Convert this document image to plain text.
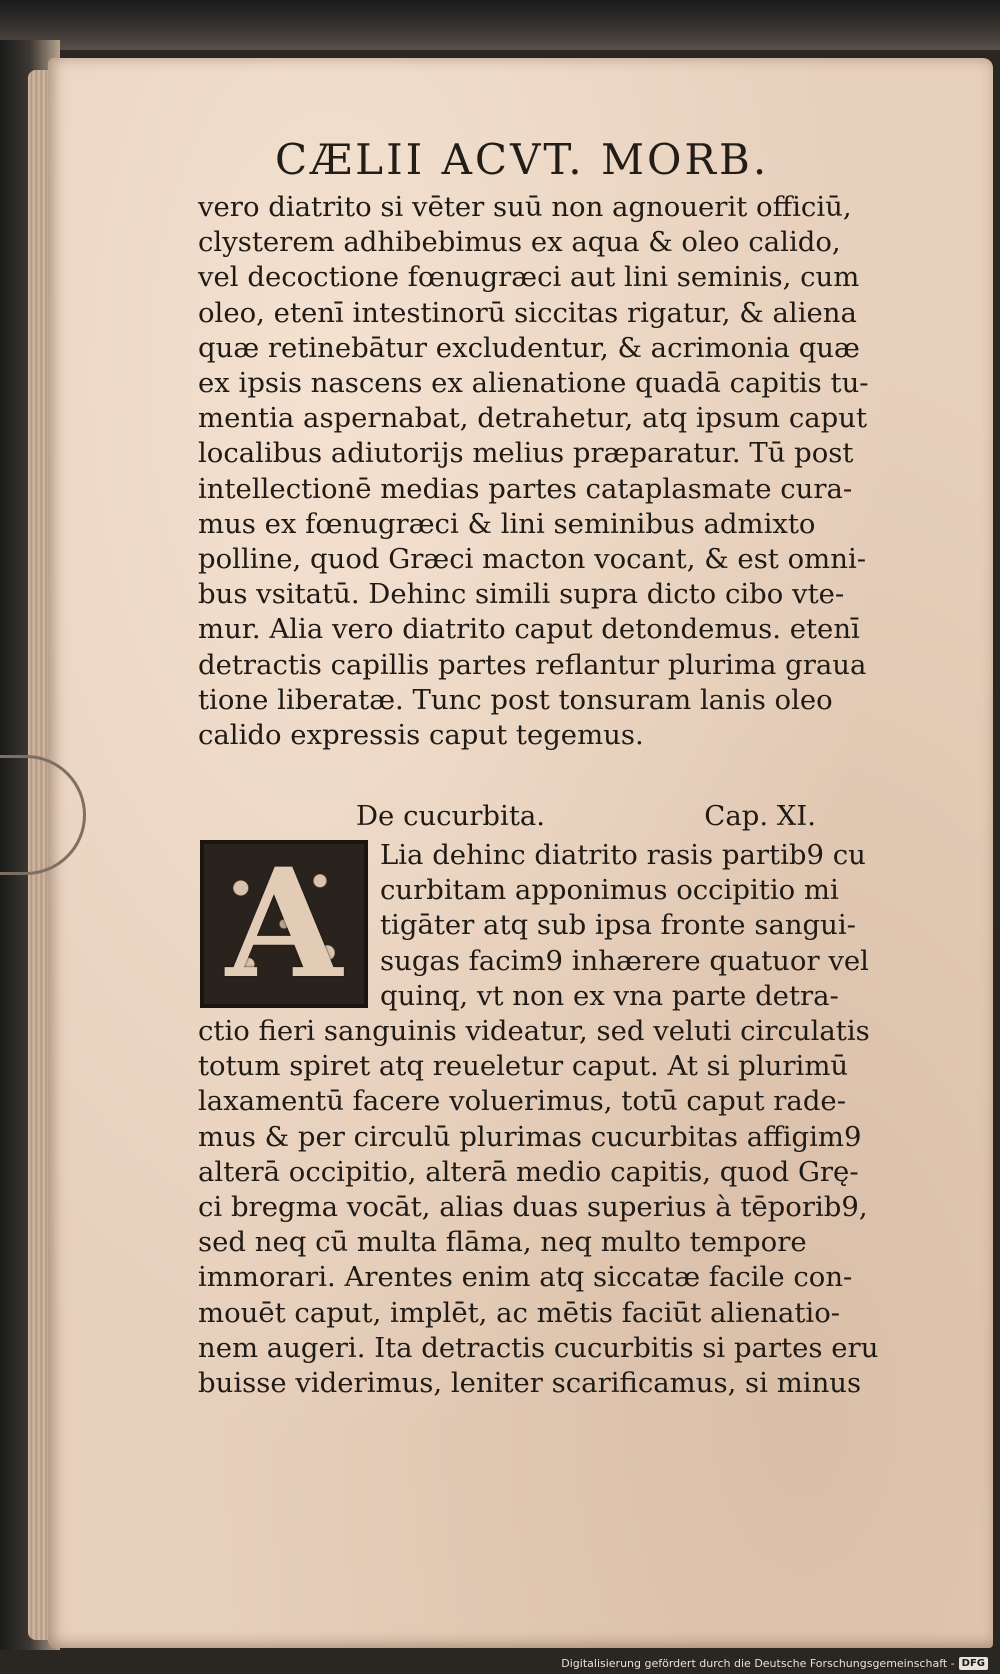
CÆLII ACVT. MORB.
vero diatrito si vēter suū non agnouerit officiū,
clysterem adhibebimus ex aqua & oleo calido,
vel decoctione fœnugræci aut lini seminis, cum
oleo, etenī intestinorū siccitas rigatur, & aliena
quæ retinebātur excludentur, & acrimonia quæ
ex ipsis nascens ex alienatione quadā capitis tu-
mentia aspernabat, detrahetur, atq ipsum caput
localibus adiutorijs melius præparatur. Tū post
intellectionē medias partes cataplasmate cura-
mus ex fœnugræci & lini seminibus admixto
polline, quod Græci macton vocant, & est omni-
bus vsitatū. Dehinc simili supra dicto cibo vte-
mur. Alia vero diatrito caput detondemus. etenī
detractis capillis partes reflantur plurima graua
tione liberatæ. Tunc post tonsuram lanis oleo
calido expressis caput tegemus.
De cucurbita.	Cap. XI.
A	Lia dehinc diatrito rasis partib9 cu
curbitam apponimus occipitio mi
tigāter atq sub ipsa fronte sangui-
sugas facim9 inhærere quatuor vel
quinq, vt non ex vna parte detra-
ctio fieri sanguinis videatur, sed veluti circulatis
totum spiret atq reueletur caput. At si plurimū
laxamentū facere voluerimus, totū caput rade-
mus & per circulū plurimas cucurbitas affigim9
alterā occipitio, alterā medio capitis, quod Grę-
ci bregma vocāt, alias duas superius à tēporib9,
sed neq cū multa flāma, neq multo tempore
immorari. Arentes enim atq siccatæ facile con-
mouēt caput, implēt, ac mētis faciūt alienatio-
nem augeri. Ita detractis cucurbitis si partes eru
buisse viderimus, leniter scarificamus, si minus
Digitalisierung gefördert durch die Deutsche Forschungsgemeinschaft - DFG
